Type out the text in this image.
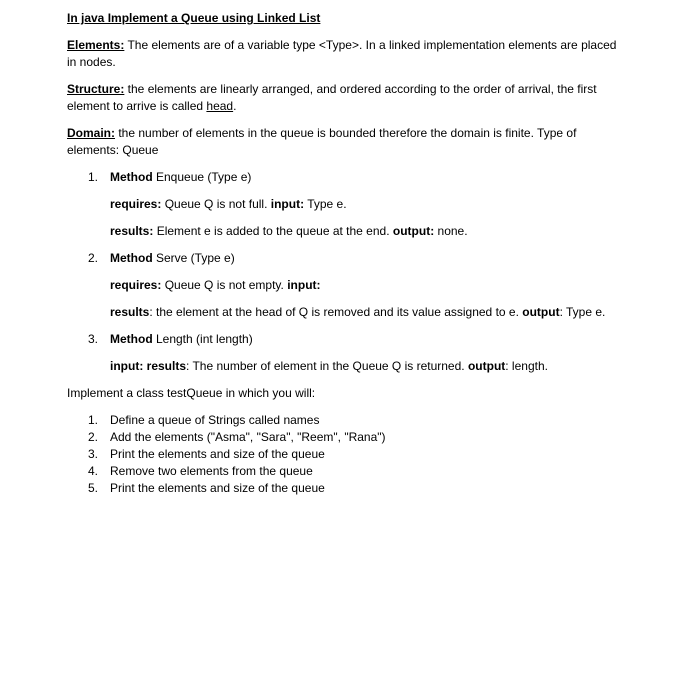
In java Implement a Queue using Linked List

Elements: The elements are of a variable type <Type>. In a linked implementation elements are placed in nodes.

Structure: the elements are linearly arranged, and ordered according to the order of arrival, the first element to arrive is called head.

Domain: the number of elements in the queue is bounded therefore the domain is finite. Type of elements: Queue

1. Method Enqueue (Type e)
requires: Queue Q is not full. input: Type e.
results: Element e is added to the queue at the end. output: none.
2. Method Serve (Type e)
requires: Queue Q is not empty. input:
results: the element at the head of Q is removed and its value assigned to e. output: Type e.
3. Method Length (int length)
input: results: The number of element in the Queue Q is returned. output: length.

Implement a class testQueue in which you will:

1. Define a queue of Strings called names
2. Add the elements ("Asma", "Sara", "Reem", "Rana")
3. Print the elements and size of the queue
4. Remove two elements from the queue
5. Print the elements and size of the queue
